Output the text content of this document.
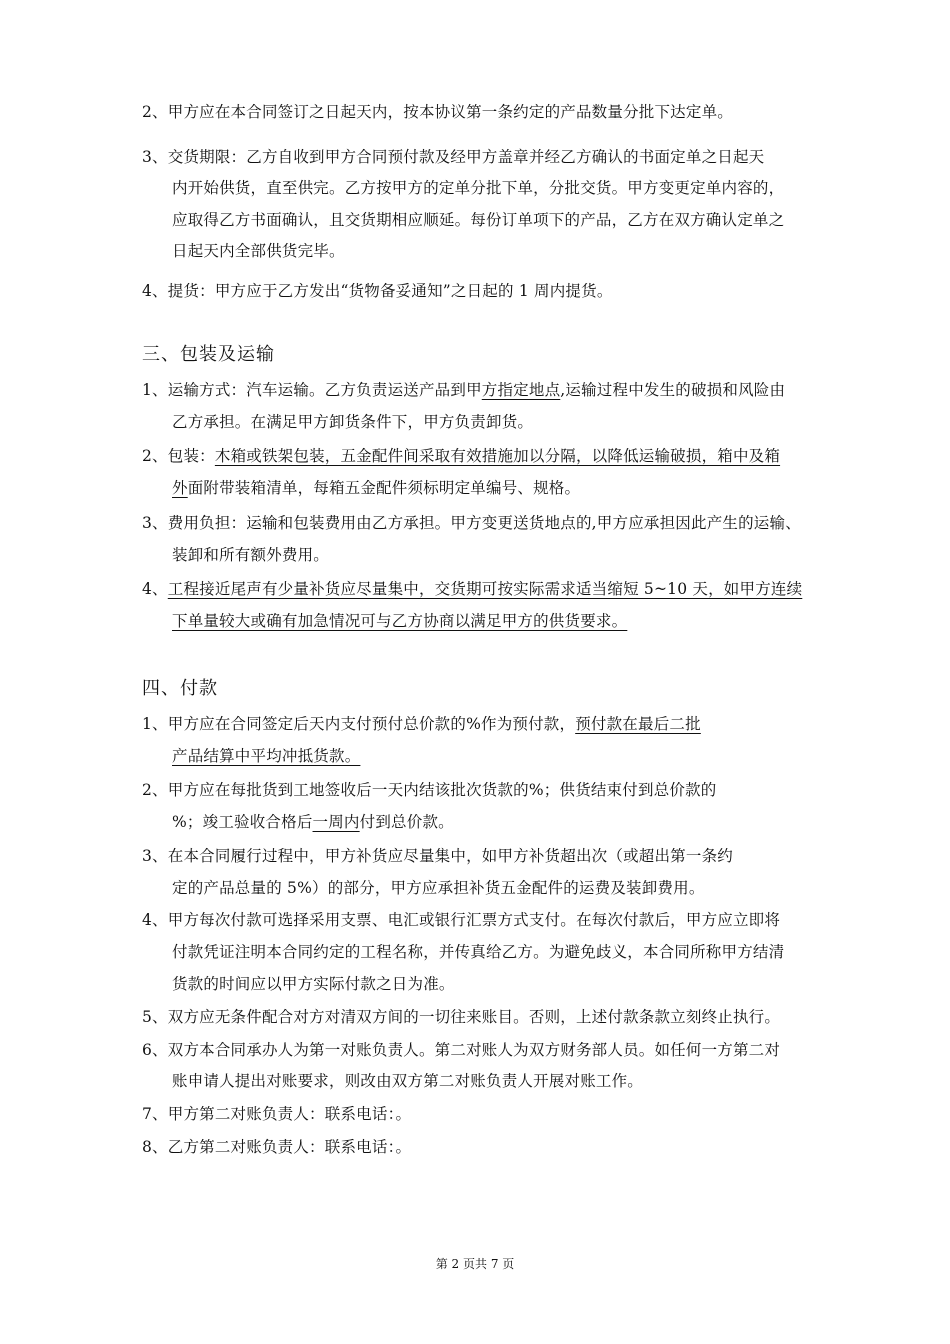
2、甲方应在本合同签订之日起天内，按本协议第一条约定的产品数量分批下达定单。
3、交货期限：乙方自收到甲方合同预付款及经甲方盖章并经乙方确认的书面定单之日起天
内开始供货，直至供完。乙方按甲方的定单分批下单，分批交货。甲方变更定单内容的，
应取得乙方书面确认，且交货期相应顺延。每份订单项下的产品，乙方在双方确认定单之
日起天内全部供货完毕。
4、提货：甲方应于乙方发出“货物备妥通知”之日起的 1 周内提货。
三、包装及运输
1、运输方式：汽车运输。乙方负责运送产品到甲方指定地点,运输过程中发生的破损和风险由
乙方承担。在满足甲方卸货条件下，甲方负责卸货。
2、包装：木箱或铁架包装，五金配件间采取有效措施加以分隔，以降低运输破损，箱中及箱
外面附带装箱清单，每箱五金配件须标明定单编号、规格。
3、费用负担：运输和包装费用由乙方承担。甲方变更送货地点的,甲方应承担因此产生的运输、
装卸和所有额外费用。
4、工程接近尾声有少量补货应尽量集中，交货期可按实际需求适当缩短 5~10 天，如甲方连续
下单量较大或确有加急情况可与乙方协商以满足甲方的供货要求。
四、付款
1、甲方应在合同签定后天内支付预付总价款的%作为预付款，预付款在最后二批
产品结算中平均冲抵货款。
2、甲方应在每批货到工地签收后一天内结该批次货款的%；供货结束付到总价款的
%；竣工验收合格后一周内付到总价款。
3、在本合同履行过程中，甲方补货应尽量集中，如甲方补货超出次（或超出第一条约
定的产品总量的 5%）的部分，甲方应承担补货五金配件的运费及装卸费用。
4、甲方每次付款可选择采用支票、电汇或银行汇票方式支付。在每次付款后，甲方应立即将
付款凭证注明本合同约定的工程名称，并传真给乙方。为避免歧义，本合同所称甲方结清
货款的时间应以甲方实际付款之日为准。
5、双方应无条件配合对方对清双方间的一切往来账目。否则，上述付款条款立刻终止执行。
6、双方本合同承办人为第一对账负责人。第二对账人为双方财务部人员。如任何一方第二对
账申请人提出对账要求，则改由双方第二对账负责人开展对账工作。
7、甲方第二对账负责人：联系电话：。
8、乙方第二对账负责人：联系电话：。
第 2 页共 7 页
